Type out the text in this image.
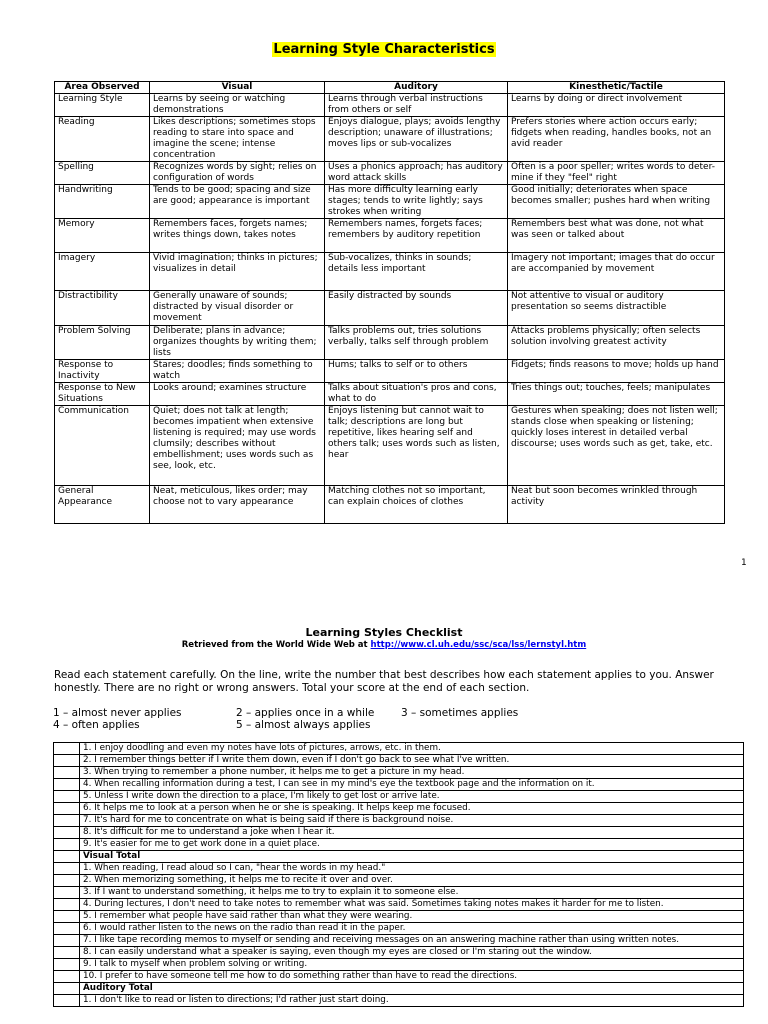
Learning Style Characteristics
Area Observed	Visual	Auditory	Kinesthetic/Tactile
Learning Style	Learns by seeing or watching demonstrations	Learns through verbal instructions from others or self	Learns by doing or direct involvement
Reading	Likes descriptions; sometimes stops reading to stare into space and imagine the scene; intense concentration	Enjoys dialogue, plays; avoids lengthy description; unaware of illustrations; moves lips or sub-vocalizes	Prefers stories where action occurs early; fidgets when reading, handles books, not an avid reader
Spelling	Recognizes words by sight; relies on configuration of words	Uses a phonics approach; has auditory word attack skills	Often is a poor speller; writes words to deter- mine if they "feel" right
Handwriting	Tends to be good; spacing and size are good; appearance is important	Has more difficulty learning early stages; tends to write lightly; says strokes when writing	Good initially; deteriorates when space becomes smaller; pushes hard when writing
Memory	Remembers faces, forgets names; writes things down, takes notes	Remembers names, forgets faces; remembers by auditory repetition	Remembers best what was done, not what was seen or talked about
Imagery	Vivid imagination; thinks in pictures; visualizes in detail	Sub-vocalizes, thinks in sounds; details less important	Imagery not important; images that do occur are accompanied by movement
Distractibility	Generally unaware of sounds; distracted by visual disorder or movement	Easily distracted by sounds	Not attentive to visual or auditory presentation so seems distractible
Problem Solving	Deliberate; plans in advance; organizes thoughts by writing them; lists	Talks problems out, tries solutions verbally, talks self through problem	Attacks problems physically; often selects solution involving greatest activity
Response to Inactivity	Stares; doodles; finds something to watch	Hums; talks to self or to others	Fidgets; finds reasons to move; holds up hand
Response to New Situations	Looks around; examines structure	Talks about situation's pros and cons, what to do	Tries things out; touches, feels; manipulates
Communication	Quiet; does not talk at length; becomes impatient when extensive listening is required; may use words clumsily; describes without embellishment; uses words such as see, look, etc.	Enjoys listening but cannot wait to talk; descriptions are long but repetitive, likes hearing self and others talk; uses words such as listen, hear	Gestures when speaking; does not listen well; stands close when speaking or listening; quickly loses interest in detailed verbal discourse; uses words such as get, take, etc.
General Appearance	Neat, meticulous, likes order; may choose not to vary appearance	Matching clothes not so important, can explain choices of clothes	Neat but soon becomes wrinkled through activity
1
Learning Styles Checklist
Retrieved from the World Wide Web at http://www.cl.uh.edu/ssc/sca/lss/lernstyl.htm
Read each statement carefully. On the line, write the number that best describes how each statement applies to you. Answer honestly. There are no right or wrong answers. Total your score at the end of each section.
1 – almost never applies	2 – applies once in a while	3 – sometimes applies
4 – often applies	5 – almost always applies
	1. I enjoy doodling and even my notes have lots of pictures, arrows, etc. in them.
	2. I remember things better if I write them down, even if I don't go back to see what I've written.
	3. When trying to remember a phone number, it helps me to get a picture in my head.
	4. When recalling information during a test, I can see in my mind's eye the textbook page and the information on it.
	5. Unless I write down the direction to a place, I'm likely to get lost or arrive late.
	6. It helps me to look at a person when he or she is speaking. It helps keep me focused.
	7. It's hard for me to concentrate on what is being said if there is background noise.
	8. It's difficult for me to understand a joke when I hear it.
	9. It's easier for me to get work done in a quiet place.
	Visual Total
	1. When reading, I read aloud so I can, "hear the words in my head."
	2. When memorizing something, it helps me to recite it over and over.
	3. If I want to understand something, it helps me to try to explain it to someone else.
	4. During lectures, I don't need to take notes to remember what was said. Sometimes taking notes makes it harder for me to listen.
	5. I remember what people have said rather than what they were wearing.
	6. I would rather listen to the news on the radio than read it in the paper.
	7. I like tape recording memos to myself or sending and receiving messages on an answering machine rather than using written notes.
	8. I can easily understand what a speaker is saying, even though my eyes are closed or I'm staring out the window.
	9. I talk to myself when problem solving or writing.
	10. I prefer to have someone tell me how to do something rather than have to read the directions.
	Auditory Total
	1. I don't like to read or listen to directions; I'd rather just start doing.
